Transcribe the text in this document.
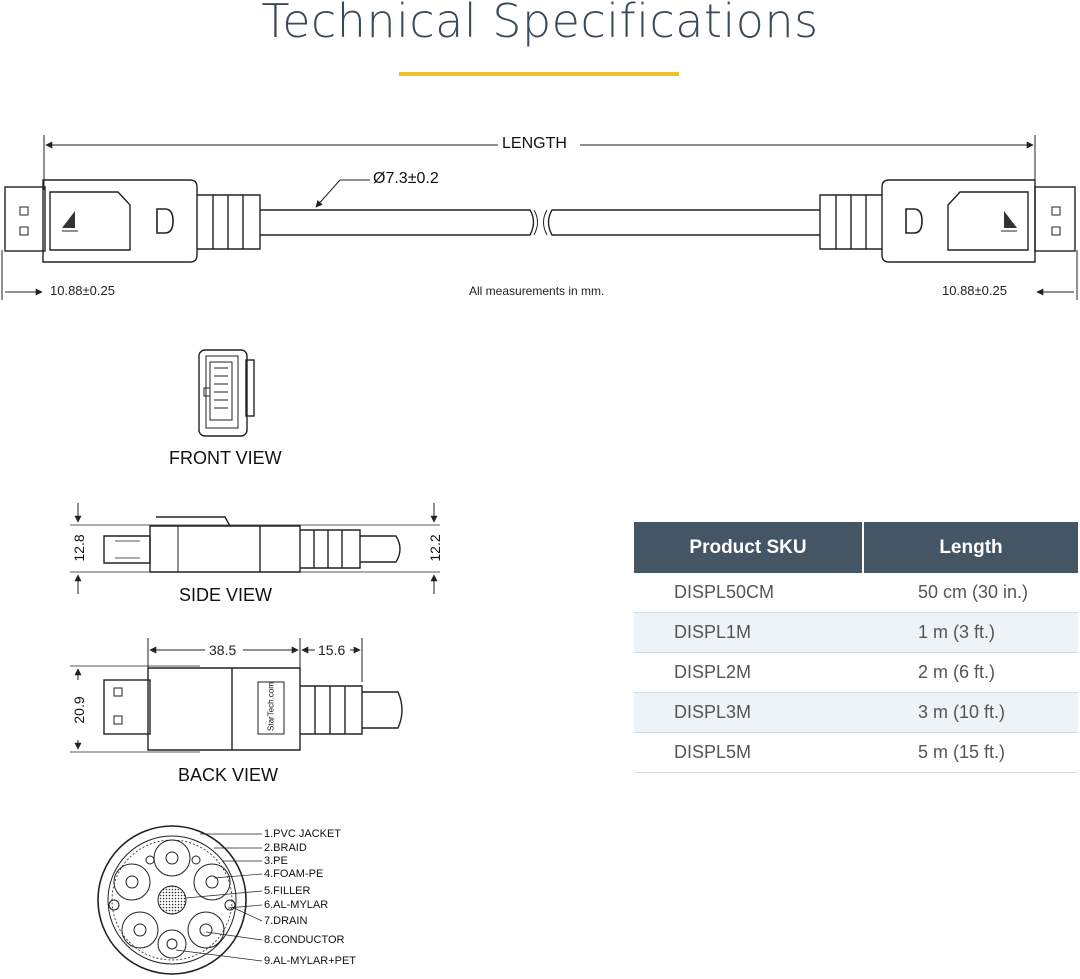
Technical Specifications
LENGTH
Ø7.3±0.2
10.88±0.25	10.88±0.25
All measurements in mm.
FRONT VIEW
SIDE VIEW
BACK VIEW
12.8	12.2
20.9
38.5	15.6
StarTech.com
1.PVC JACKET
2.BRAID
3.PE
4.FOAM-PE
5.FILLER
6.AL-MYLAR
7.DRAIN
8.CONDUCTOR
9.AL-MYLAR+PET
Product SKU	Length
DISPL50CM	50 cm (30 in.)
DISPL1M	1 m (3 ft.)
DISPL2M	2 m (6 ft.)
DISPL3M	3 m (10 ft.)
DISPL5M	5 m (15 ft.)
